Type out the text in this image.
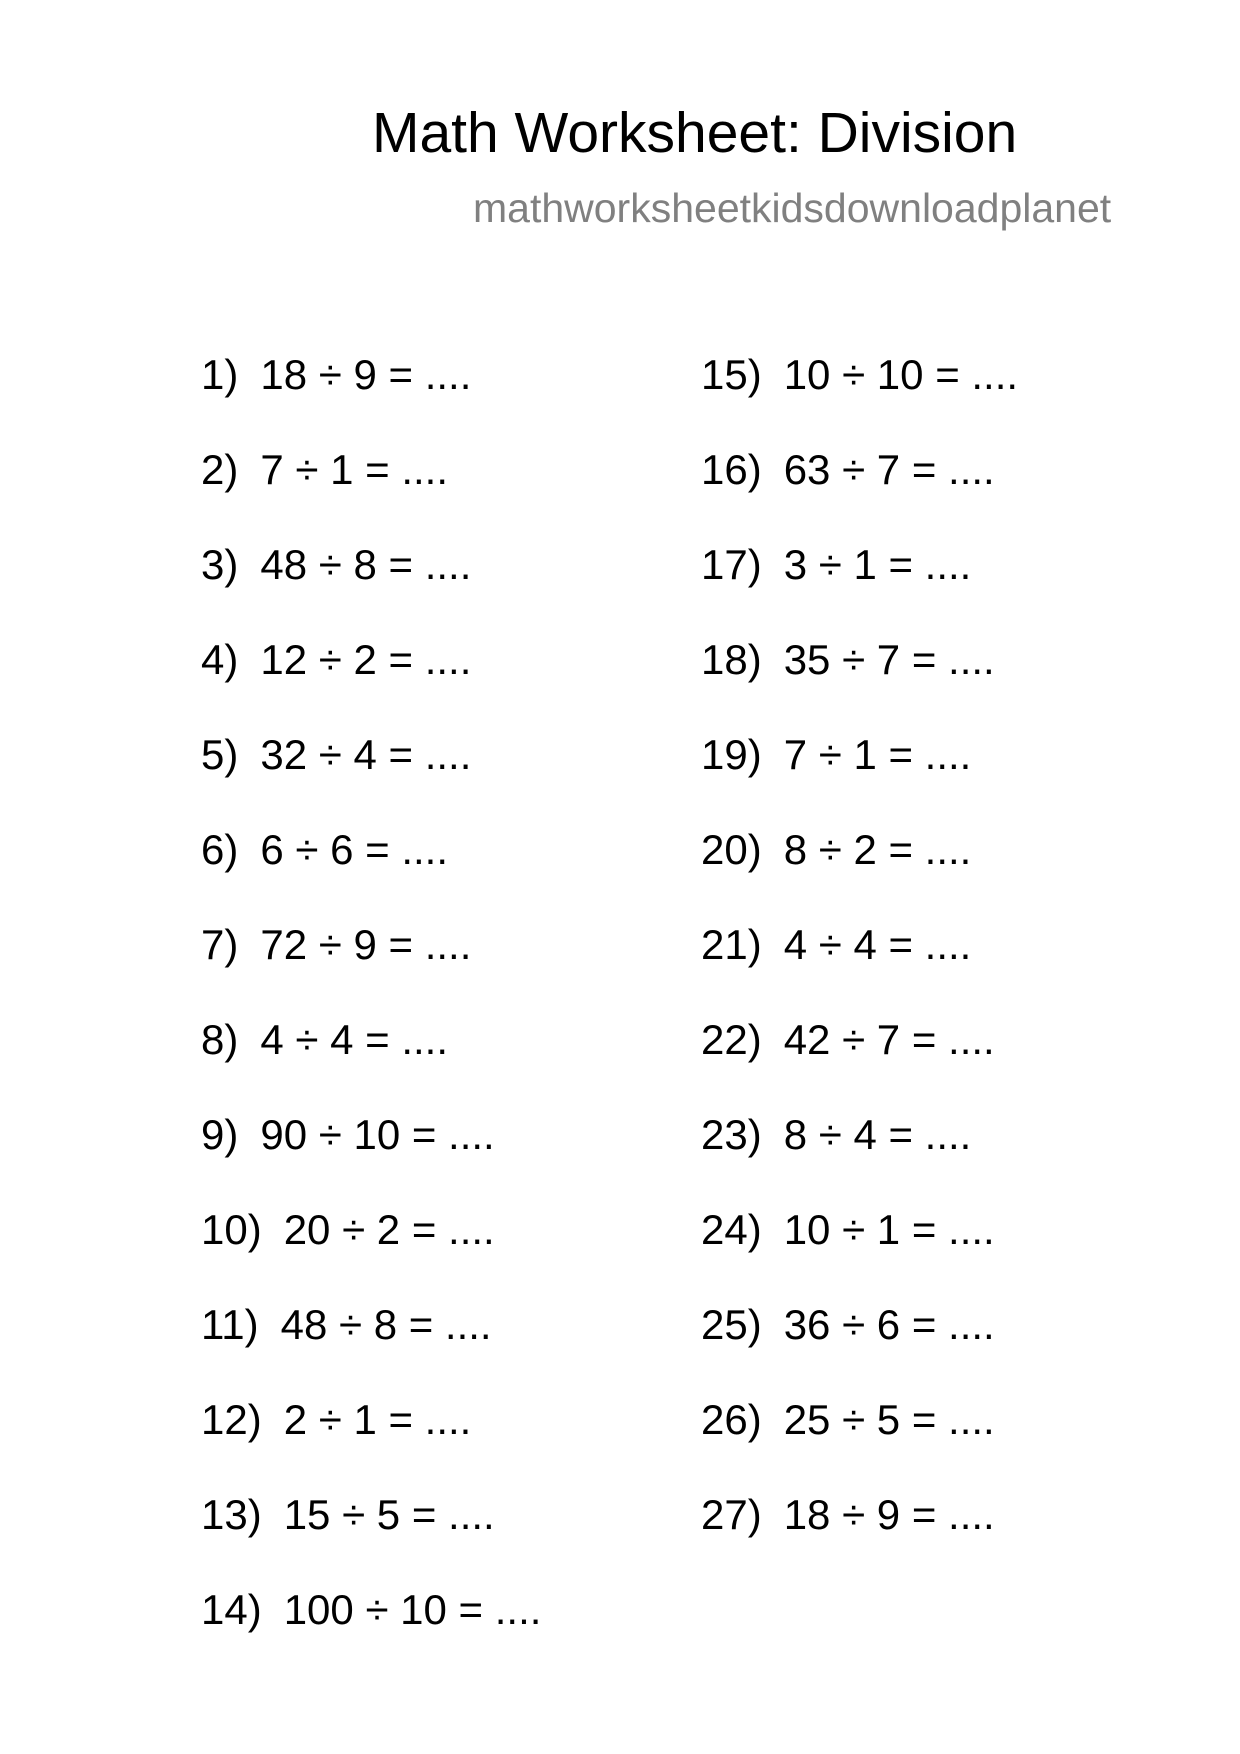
Math Worksheet: Division
mathworksheetkidsdownloadplanet
1) 18 ÷ 9 = ....
2) 7 ÷ 1 = ....
3) 48 ÷ 8 = ....
4) 12 ÷ 2 = ....
5) 32 ÷ 4 = ....
6) 6 ÷ 6 = ....
7) 72 ÷ 9 = ....
8) 4 ÷ 4 = ....
9) 90 ÷ 10 = ....
10) 20 ÷ 2 = ....
11) 48 ÷ 8 = ....
12) 2 ÷ 1 = ....
13) 15 ÷ 5 = ....
14) 100 ÷ 10 = ....
15) 10 ÷ 10 = ....
16) 63 ÷ 7 = ....
17) 3 ÷ 1 = ....
18) 35 ÷ 7 = ....
19) 7 ÷ 1 = ....
20) 8 ÷ 2 = ....
21) 4 ÷ 4 = ....
22) 42 ÷ 7 = ....
23) 8 ÷ 4 = ....
24) 10 ÷ 1 = ....
25) 36 ÷ 6 = ....
26) 25 ÷ 5 = ....
27) 18 ÷ 9 = ....
